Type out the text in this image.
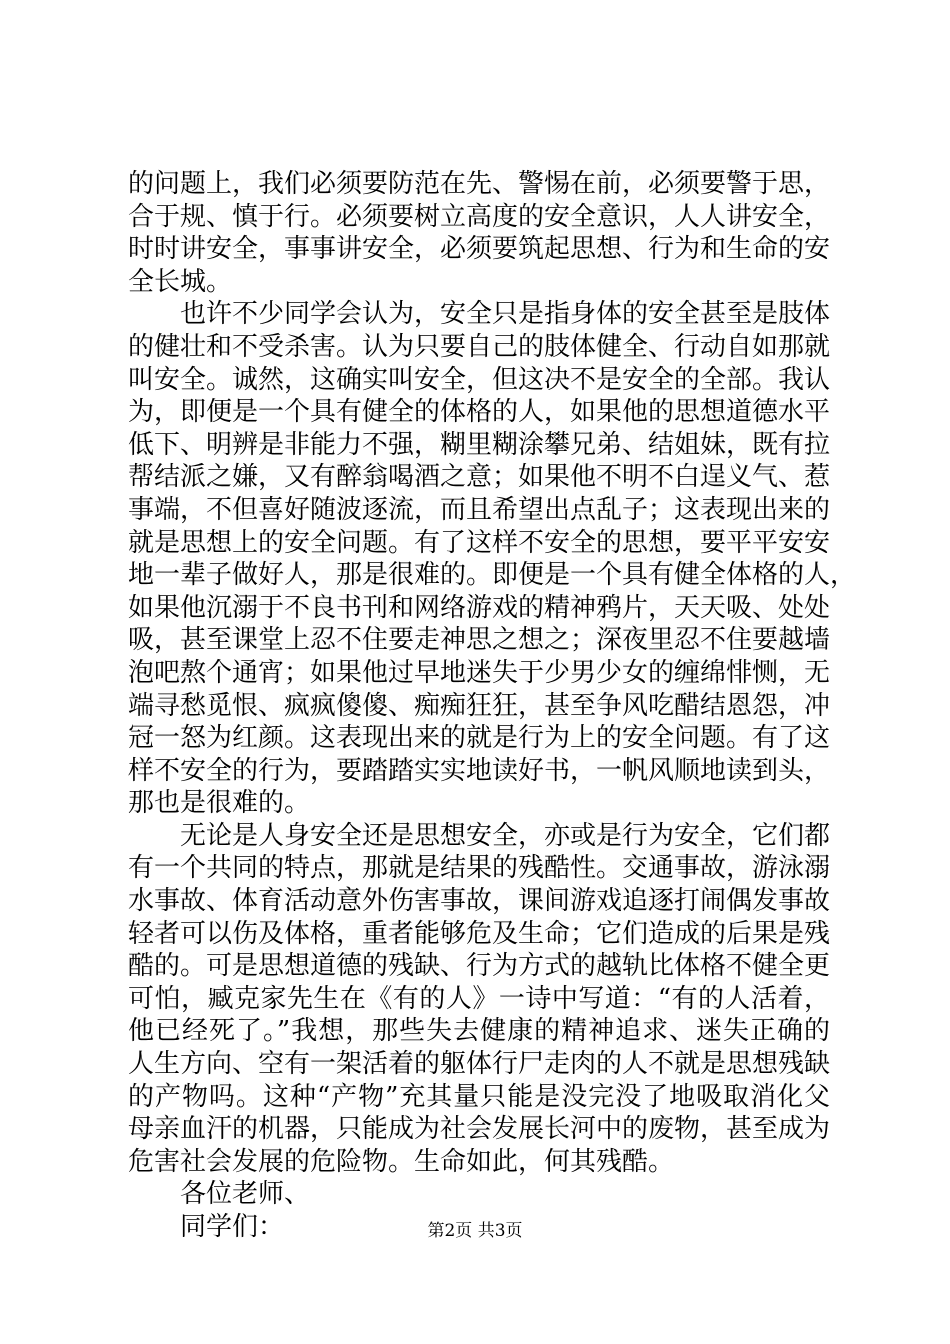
的问题上，我们必须要防范在先、警惕在前，必须要警于思，
合于规、慎于行。必须要树立高度的安全意识，人人讲安全，
时时讲安全，事事讲安全，必须要筑起思想、行为和生命的安
全长城。
也许不少同学会认为，安全只是指身体的安全甚至是肢体
的健壮和不受杀害。认为只要自己的肢体健全、行动自如那就
叫安全。诚然，这确实叫安全，但这决不是安全的全部。我认
为，即便是一个具有健全的体格的人，如果他的思想道德水平
低下、明辨是非能力不强，糊里糊涂攀兄弟、结姐妹，既有拉
帮结派之嫌，又有醉翁喝酒之意；如果他不明不白逞义气、惹
事端，不但喜好随波逐流，而且希望出点乱子；这表现出来的
就是思想上的安全问题。有了这样不安全的思想，要平平安安
地一辈子做好人，那是很难的。即便是一个具有健全体格的人，
如果他沉溺于不良书刊和网络游戏的精神鸦片，天天吸、处处
吸，甚至课堂上忍不住要走神思之想之；深夜里忍不住要越墙
泡吧熬个通宵；如果他过早地迷失于少男少女的缠绵悱恻，无
端寻愁觅恨、疯疯傻傻、痴痴狂狂，甚至争风吃醋结恩怨，冲
冠一怒为红颜。这表现出来的就是行为上的安全问题。有了这
样不安全的行为，要踏踏实实地读好书，一帆风顺地读到头，
那也是很难的。
无论是人身安全还是思想安全，亦或是行为安全，它们都
有一个共同的特点，那就是结果的残酷性。交通事故，游泳溺
水事故、体育活动意外伤害事故，课间游戏追逐打闹偶发事故
轻者可以伤及体格，重者能够危及生命；它们造成的后果是残
酷的。可是思想道德的残缺、行为方式的越轨比体格不健全更
可怕，臧克家先生在《有的人》一诗中写道：“有的人活着，
他已经死了。”我想，那些失去健康的精神追求、迷失正确的
人生方向、空有一架活着的躯体行尸走肉的人不就是思想残缺
的产物吗。这种“产物”充其量只能是没完没了地吸取消化父
母亲血汗的机器，只能成为社会发展长河中的废物，甚至成为
危害社会发展的危险物。生命如此，何其残酷。
各位老师、
同学们：	第2页 共3页
